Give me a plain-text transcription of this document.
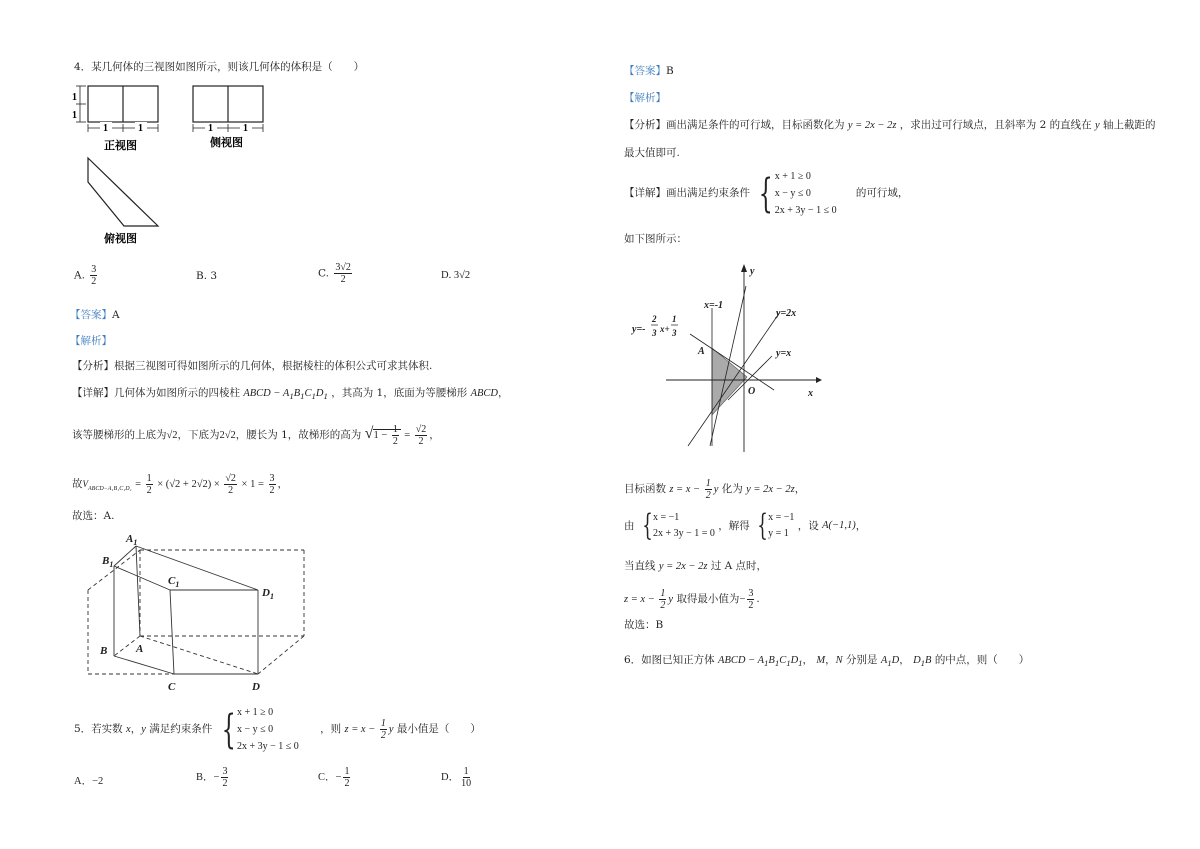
4．某几何体的三视图如图所示，则该几何体的体积是（　　）
1
1
1	1	1	1
正视图	侧视图
俯视图
A. $\frac{3}{2}$	B. 3	C. $\frac{3√2}{2}$	D. 3√2
【答案】A
【解析】
【分析】根据三视图可得如图所示的几何体，根据棱柱的体积公式可求其体积.
【详解】几何体为如图所示的四棱柱 ABCD − $A_1B_1C_1D_1$ ，其高为 1，底面为等腰梯形 ABCD，
该等腰梯形的上底为√2，下底为2√2，腰长为 1，故梯形的高为 $√1 - \frac{1}{2} = \frac{√2}{2}$ ，
故$V_{ABCD-A_1B_1C_1D_1} = \frac{1}{2} \times (√2 + 2√2) \times \frac{√2}{2} \times 1 = \frac{3}{2}$ ，
故选：A.
$A_1$
$B_1$
$C_1$
$D_1$
A
B
C	D
5．若实数 x，y 满足约束条件 { x + 1 ≥ 0
x − y ≤ 0
2x + 3y − 1 ≤ 0
，则 $z = x - \frac{1}{2}$ y 最小值是（　　）
A．−2	B．− $\frac{3}{2}$	C．− $\frac{1}{2}$	D． $\frac{1}{10}$
【答案】B
【解析】
【分析】画出满足条件的可行域，目标函数化为 y = 2x − 2z ，求出过可行域点，且斜率为 2 的直线在 y 轴上截距的
最大值即可.
【详解】画出满足约束条件 { x + 1 ≥ 0
x − y ≤ 0
2x + 3y − 1 ≤ 0
的可行域，
如下图所示：
y
x
O
x=-1
y=2x
y=x
A
y=-
2
3 x+
1
3
目标函数 $z = x - \frac{1}{2}$ y 化为 y = 2x − 2z，
由 { x = −1
2x + 3y − 1 = 0
，解得 { x = −1
y = 1
，设 A(−1,1)，
当直线 y = 2x − 2z 过 A 点时，
$z = x - \frac{1}{2}$ y 取得最小值为− $\frac{3}{2}$ .
故选：B
6．如图已知正方体 ABCD − $A_1B_1C_1D_1$， M，N 分别是 $A_1D$， $D_1B$ 的中点，则（　　）
